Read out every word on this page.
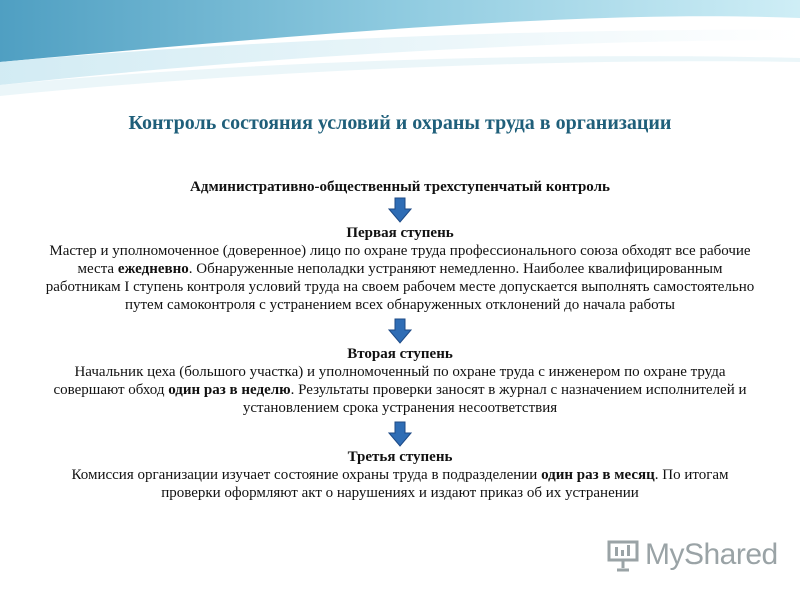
Контроль состояния условий и охраны труда в организации

Административно-общественный трехступенчатый контроль

Первая ступень

Мастер и уполномоченное (доверенное) лицо по охране труда профессионального союза обходят все рабочие места ежедневно. Обнаруженные неполадки устраняют немедленно. Наиболее квалифицированным работникам I ступень контроля условий труда на своем рабочем месте допускается выполнять самостоятельно путем самоконтроля с устранением всех обнаруженных отклонений до начала работы

Вторая ступень

Начальник цеха (большого участка) и уполномоченный по охране труда с инженером по охране труда совершают обход один раз в неделю. Результаты проверки заносят в журнал с назначением исполнителей и установлением срока устранения несоответствия

Третья ступень

Комиссия организации изучает состояние охраны труда в подразделении один раз в месяц. По итогам проверки оформляют акт о нарушениях и издают приказ об их устранении

MyShared
